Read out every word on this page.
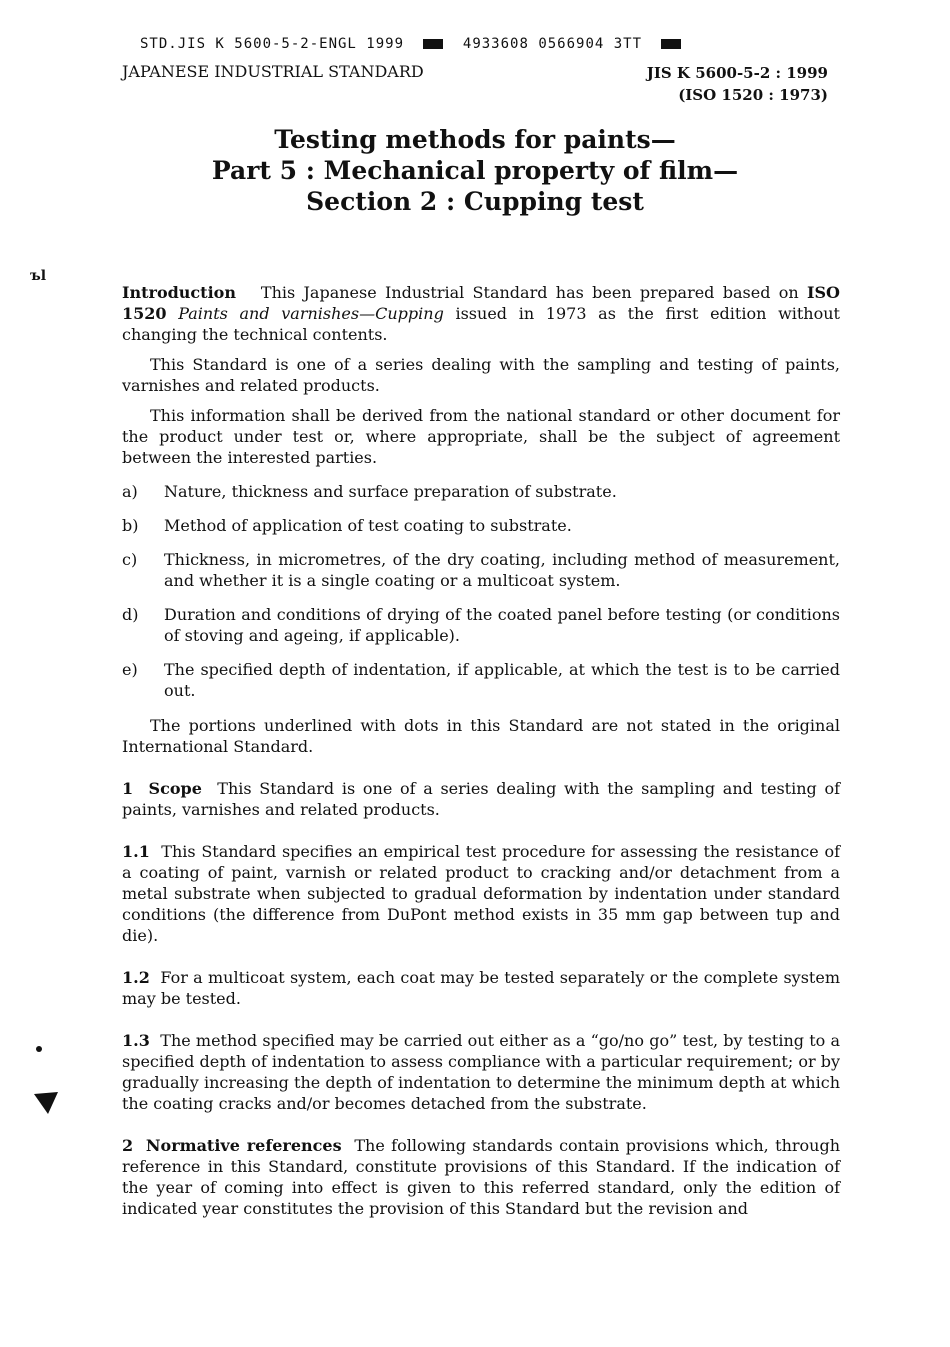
STD.JIS K 5600-5-2-ENGL 1999	4933608 0566904 3TT
JAPANESE INDUSTRIAL STANDARD	JIS K 5600-5-2 : 1999
(ISO 1520 : 1973)
Testing methods for paints—
Part 5 : Mechanical property of film—
Section 2 : Cupping test
ъl

Introduction This Japanese Industrial Standard has been prepared based on ISO 1520 Paints and varnishes—Cupping issued in 1973 as the first edition without changing the technical contents.

This Standard is one of a series dealing with the sampling and testing of paints, varnishes and related products.

This information shall be derived from the national standard or other document for the product under test or, where appropriate, shall be the subject of agreement between the interested parties.

a)	Nature, thickness and surface preparation of substrate.
b)	Method of application of test coating to substrate.
c)	Thickness, in micrometres, of the dry coating, including method of measurement, and whether it is a single coating or a multicoat system.
d)	Duration and conditions of drying of the coated panel before testing (or conditions of stoving and ageing, if applicable).
e)	The specified depth of indentation, if applicable, at which the test is to be carried out.

The portions underlined with dots in this Standard are not stated in the original International Standard.

1 Scope This Standard is one of a series dealing with the sampling and testing of paints, varnishes and related products.

1.1 This Standard specifies an empirical test procedure for assessing the resistance of a coating of paint, varnish or related product to cracking and/or detachment from a metal substrate when subjected to gradual deformation by indentation under standard conditions (the difference from DuPont method exists in 35 mm gap between tup and die).

1.2 For a multicoat system, each coat may be tested separately or the complete system may be tested.

1.3 The method specified may be carried out either as a “go/no go” test, by testing to a specified depth of indentation to assess compliance with a particular requirement; or by gradually increasing the depth of indentation to determine the minimum depth at which the coating cracks and/or becomes detached from the substrate.

2 Normative references The following standards contain provisions which, through reference in this Standard, constitute provisions of this Standard. If the indication of the year of coming into effect is given to this referred standard, only the edition of indicated year constitutes the provision of this Standard but the revision and
